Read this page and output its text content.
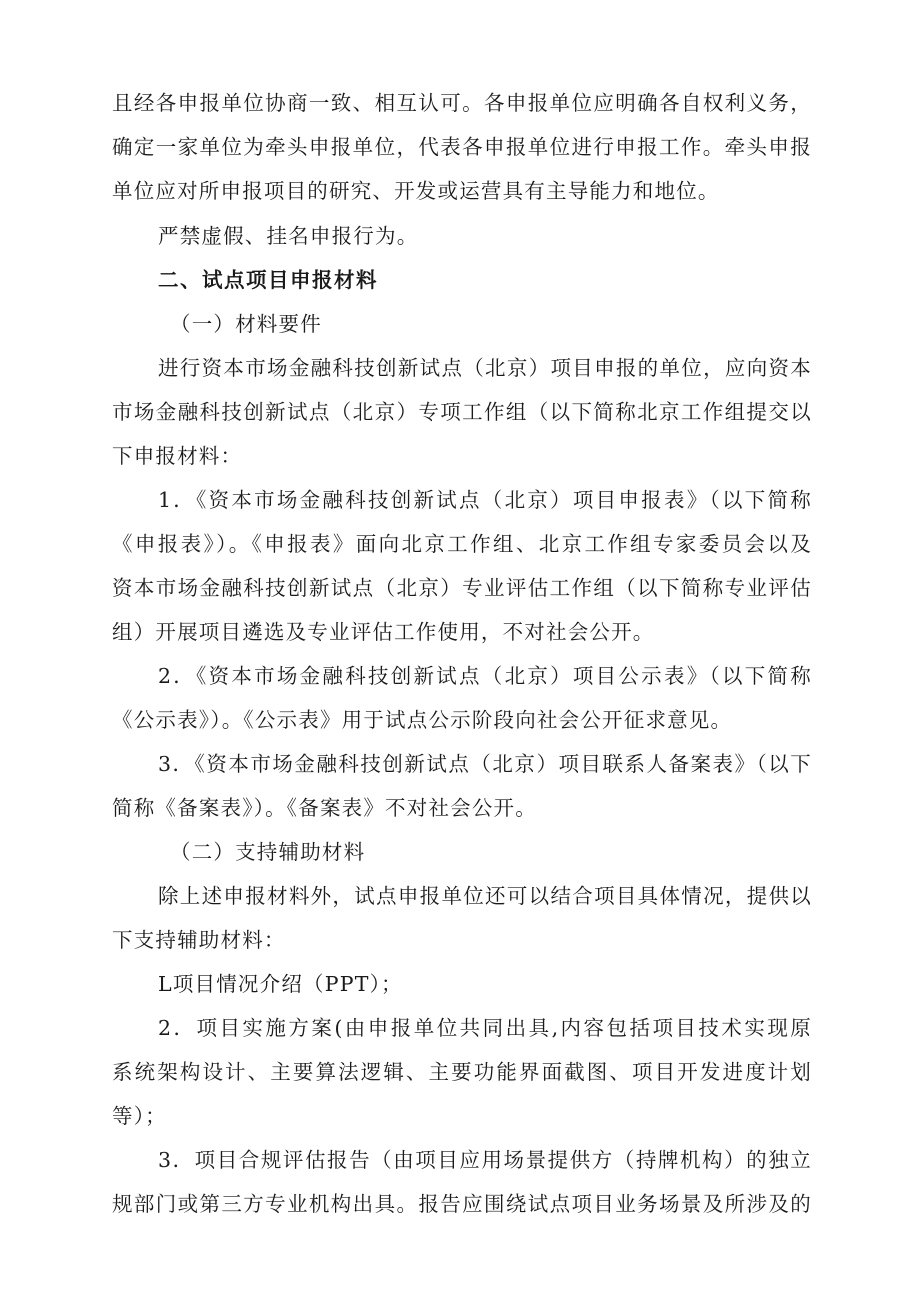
且经各申报单位协商一致、相互认可。各申报单位应明确各自权利义务，
确定一家单位为牵头申报单位，代表各申报单位进行申报工作。牵头申报
单位应对所申报项目的研究、开发或运营具有主导能力和地位。
严禁虚假、挂名申报行为。
二、试点项目申报材料
（一）材料要件
进行资本市场金融科技创新试点（北京）项目申报的单位，应向资本
市场金融科技创新试点（北京）专项工作组（以下简称北京工作组提交以
下申报材料：
1．《资本市场金融科技创新试点（北京）项目申报表》（以下简称
《申报表》）。《申报表》面向北京工作组、北京工作组专家委员会以及
资本市场金融科技创新试点（北京）专业评估工作组（以下简称专业评估
组）开展项目遴选及专业评估工作使用，不对社会公开。
2．《资本市场金融科技创新试点（北京）项目公示表》（以下简称
《公示表》）。《公示表》用于试点公示阶段向社会公开征求意见。
3．《资本市场金融科技创新试点（北京）项目联系人备案表》（以下
简称《备案表》）。《备案表》不对社会公开。
（二）支持辅助材料
除上述申报材料外，试点申报单位还可以结合项目具体情况，提供以
下支持辅助材料：
L项目情况介绍（PPT）；
2．项目实施方案(由申报单位共同出具,内容包括项目技术实现原
系统架构设计、主要算法逻辑、主要功能界面截图、项目开发进度计划
等）；
3．项目合规评估报告（由项目应用场景提供方（持牌机构）的独立
规部门或第三方专业机构出具。报告应围绕试点项目业务场景及所涉及的
